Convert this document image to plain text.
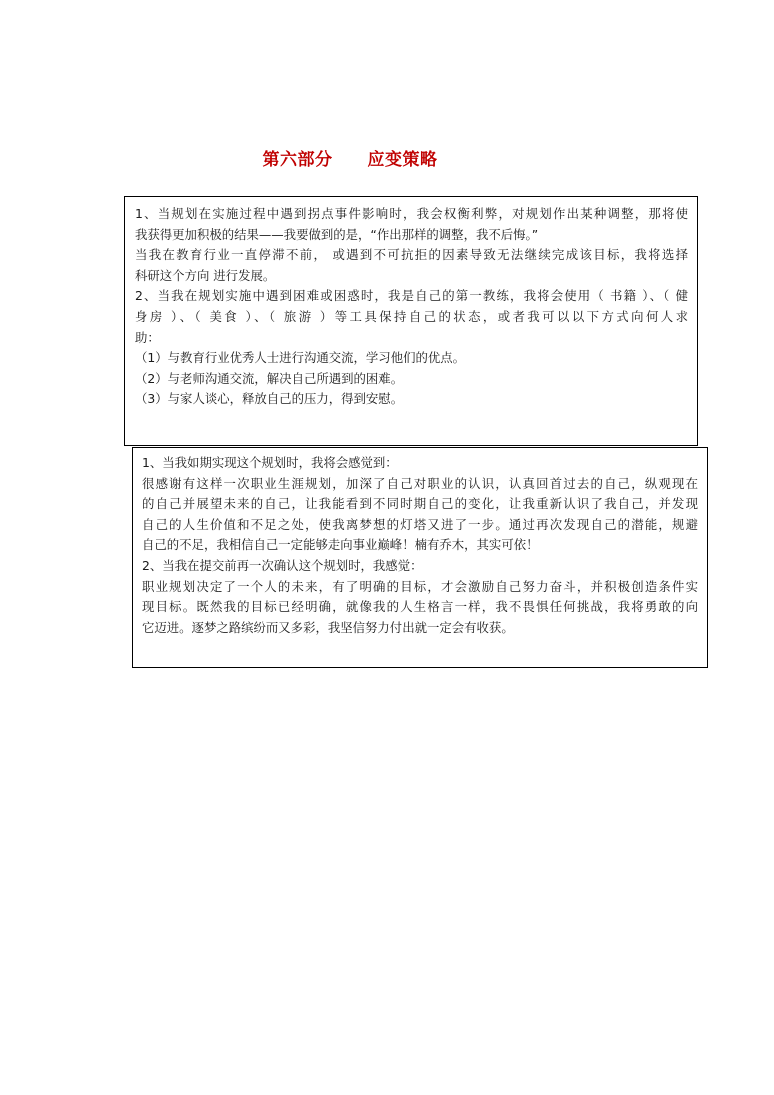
第六部分　　应变策略
1、当规划在实施过程中遇到拐点事件影响时，我会权衡利弊，对规划作出某种调整，那将使
我获得更加积极的结果——我要做到的是，“作出那样的调整，我不后悔。”
当我在教育行业一直停滞不前， 或遇到不可抗拒的因素导致无法继续完成该目标，我将选择
科研这个方向 进行发展。
2、当我在规划实施中遇到困难或困惑时，我是自己的第一教练，我将会使用（ 书籍 ）、（ 健
身房 ）、（ 美食 ）、（ 旅游 ）等工具保持自己的状态，或者我可以以下方式向何人求
助：
（1）与教育行业优秀人士进行沟通交流，学习他们的优点。
（2）与老师沟通交流，解决自己所遇到的困难。
（3）与家人谈心，释放自己的压力，得到安慰。
1、当我如期实现这个规划时，我将会感觉到：
很感谢有这样一次职业生涯规划，加深了自己对职业的认识，认真回首过去的自己，纵观现在
的自己并展望未来的自己，让我能看到不同时期自己的变化，让我重新认识了我自己，并发现
自己的人生价值和不足之处，使我离梦想的灯塔又进了一步。通过再次发现自己的潜能，规避
自己的不足，我相信自己一定能够走向事业巅峰！楠有乔木，其实可依！
2、当我在提交前再一次确认这个规划时，我感觉：
职业规划决定了一个人的未来，有了明确的目标，才会激励自己努力奋斗，并积极创造条件实
现目标。既然我的目标已经明确，就像我的人生格言一样，我不畏惧任何挑战，我将勇敢的向
它迈进。逐梦之路缤纷而又多彩，我坚信努力付出就一定会有收获。
